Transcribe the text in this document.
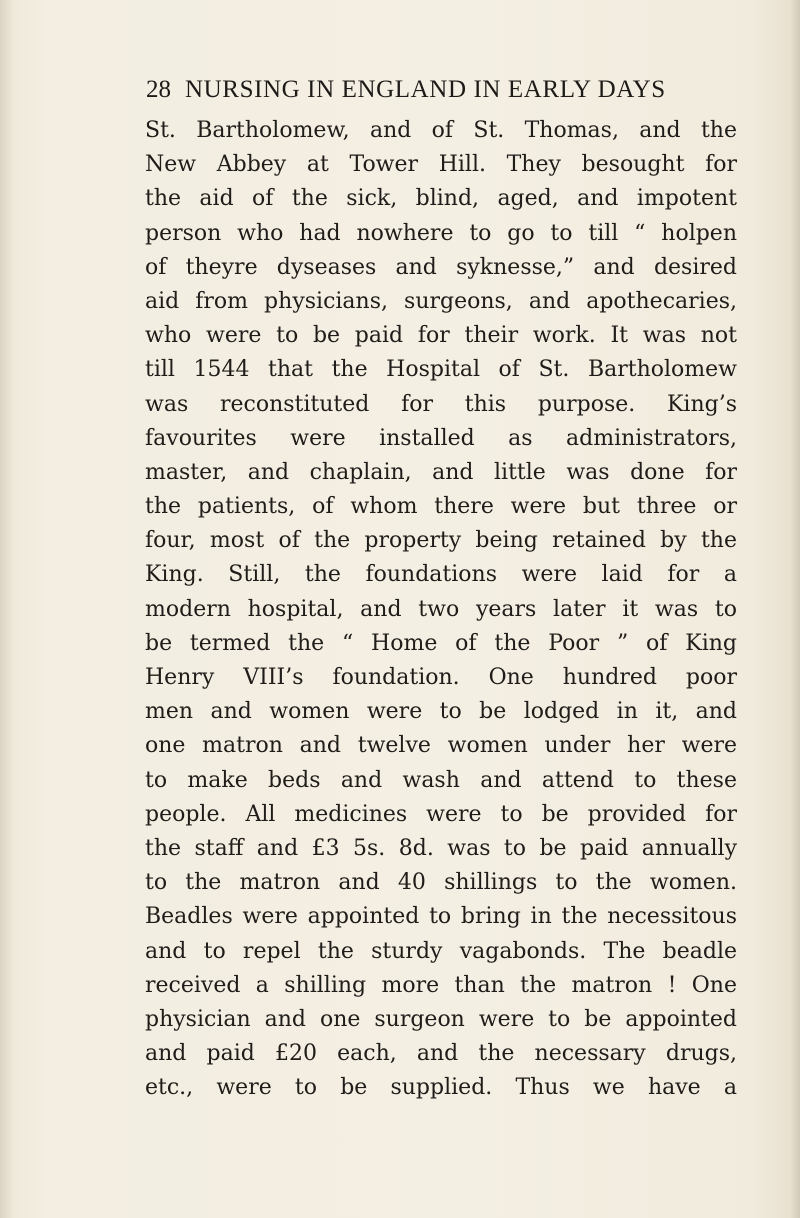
28 NURSING IN ENGLAND IN EARLY DAYS
St. Bartholomew, and of St. Thomas, and the
New Abbey at Tower Hill. They besought for
the aid of the sick, blind, aged, and impotent
person who had nowhere to go to till “ holpen
of theyre dyseases and syknesse,” and desired
aid from physicians, surgeons, and apothecaries,
who were to be paid for their work. It was not
till 1544 that the Hospital of St. Bartholomew
was reconstituted for this purpose. King’s
favourites were installed as administrators,
master, and chaplain, and little was done for
the patients, of whom there were but three or
four, most of the property being retained by the
King. Still, the foundations were laid for a
modern hospital, and two years later it was to
be termed the “ Home of the Poor ” of King
Henry VIII’s foundation. One hundred poor
men and women were to be lodged in it, and
one matron and twelve women under her were
to make beds and wash and attend to these
people. All medicines were to be provided for
the staff and £3 5s. 8d. was to be paid annually
to the matron and 40 shillings to the women.
Beadles were appointed to bring in the necessitous
and to repel the sturdy vagabonds. The beadle
received a shilling more than the matron ! One
physician and one surgeon were to be appointed
and paid £20 each, and the necessary drugs,
etc., were to be supplied. Thus we have a
